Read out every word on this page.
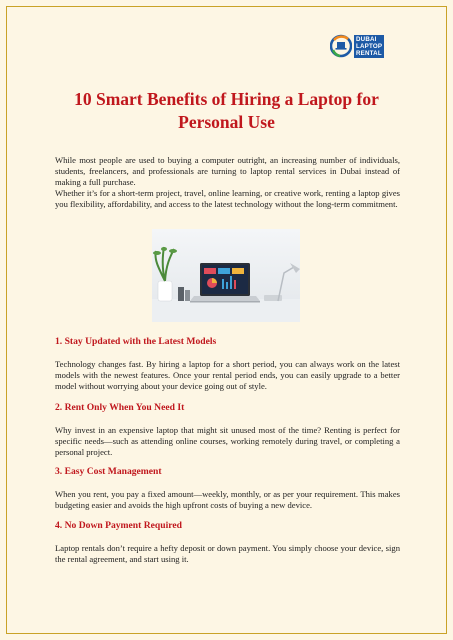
DUBAI
LAPTOP
RENTAL
10 Smart Benefits of Hiring a Laptop for Personal Use

While most people are used to buying a computer outright, an increasing number of individuals, students, freelancers, and professionals are turning to laptop rental services in Dubai instead of making a full purchase.

Whether it’s for a short-term project, travel, online learning, or creative work, renting a laptop gives you flexibility, affordability, and access to the latest technology without the long-term commitment.

1. Stay Updated with the Latest Models

Technology changes fast. By hiring a laptop for a short period, you can always work on the latest models with the newest features. Once your rental period ends, you can easily upgrade to a better model without worrying about your device going out of style.

2. Rent Only When You Need It

Why invest in an expensive laptop that might sit unused most of the time? Renting is perfect for specific needs—such as attending online courses, working remotely during travel, or completing a personal project.

3. Easy Cost Management

When you rent, you pay a fixed amount—weekly, monthly, or as per your requirement. This makes budgeting easier and avoids the high upfront costs of buying a new device.

4. No Down Payment Required

Laptop rentals don’t require a hefty deposit or down payment. You simply choose your device, sign the rental agreement, and start using it.
